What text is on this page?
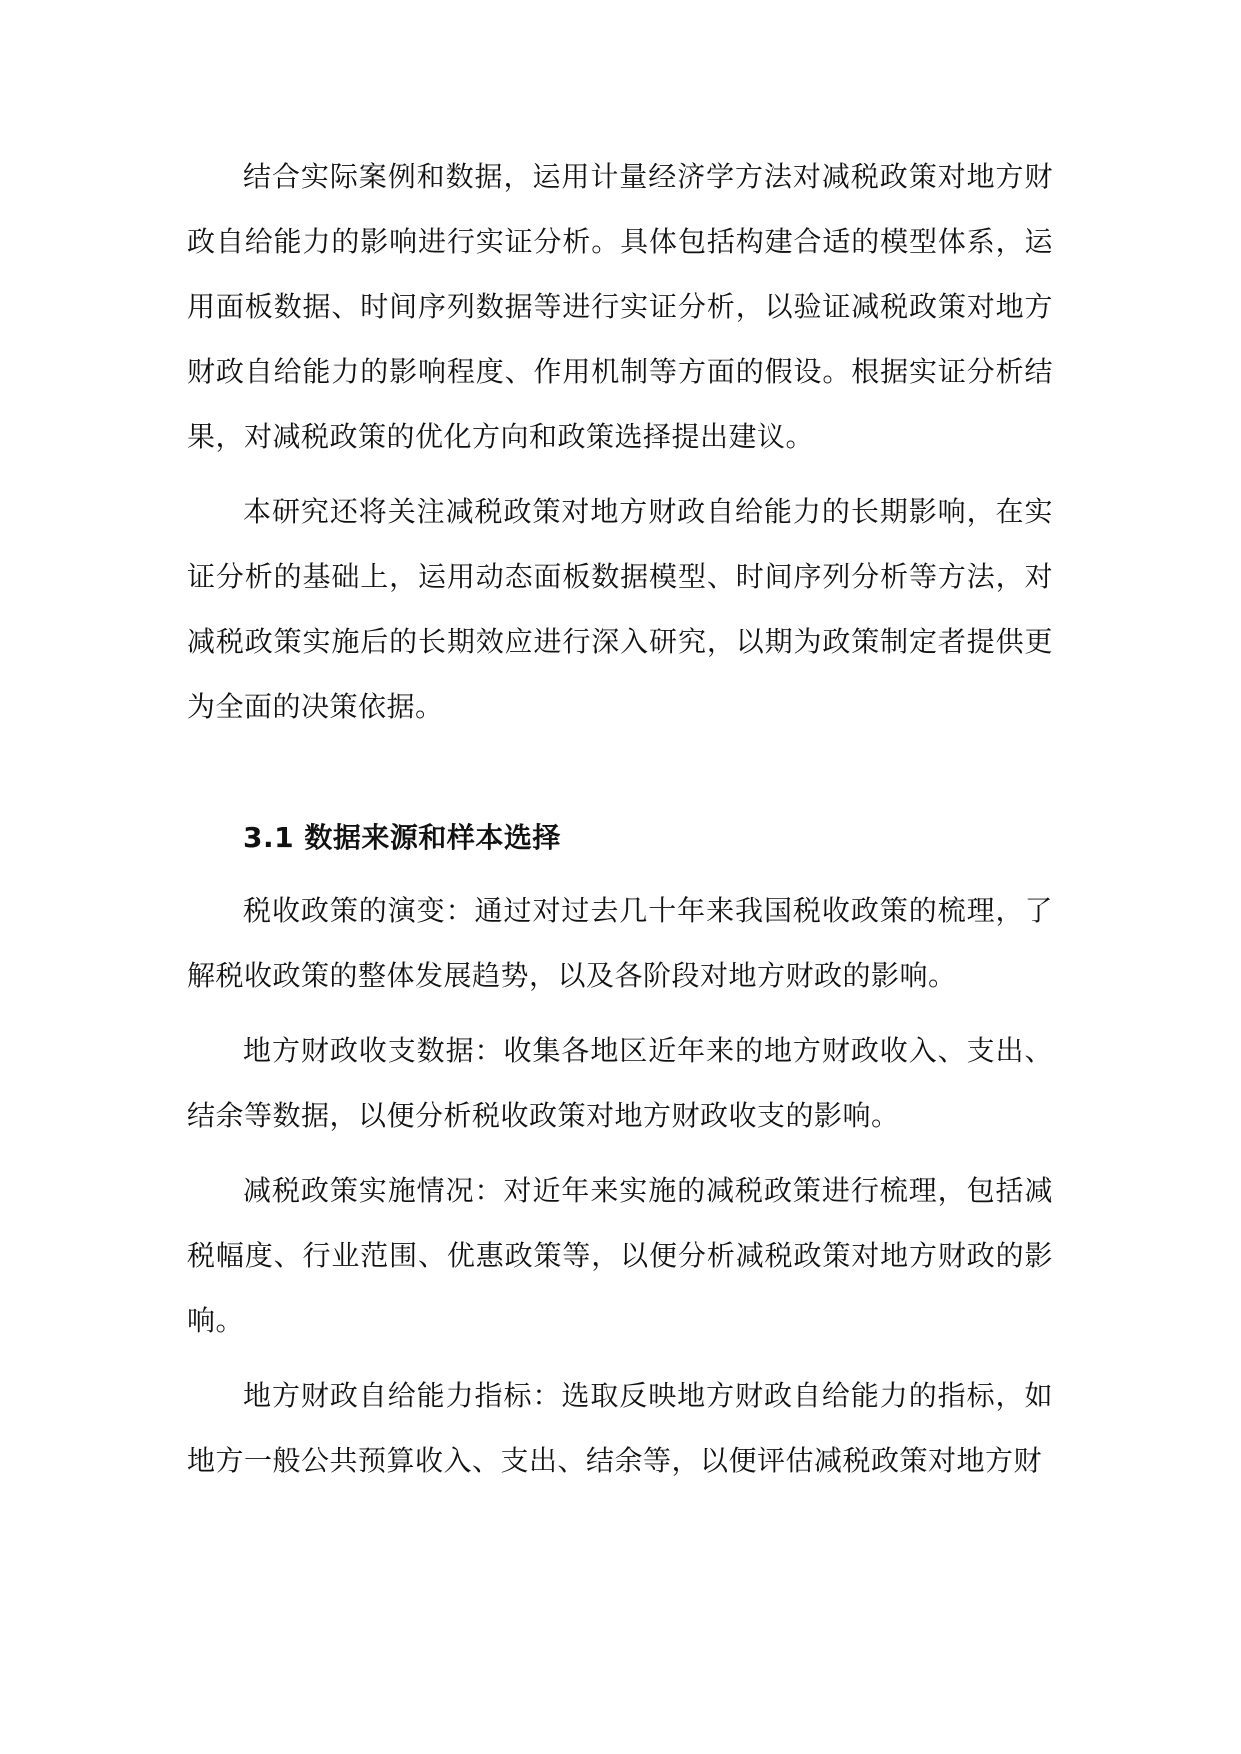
结合实际案例和数据，运用计量经济学方法对减税政策对地方财政自给能力的影响进行实证分析。具体包括构建合适的模型体系，运用面板数据、时间序列数据等进行实证分析，以验证减税政策对地方财政自给能力的影响程度、作用机制等方面的假设。根据实证分析结果，对减税政策的优化方向和政策选择提出建议。

本研究还将关注减税政策对地方财政自给能力的长期影响，在实证分析的基础上，运用动态面板数据模型、时间序列分析等方法，对减税政策实施后的长期效应进行深入研究，以期为政策制定者提供更为全面的决策依据。

3.1 数据来源和样本选择

税收政策的演变：通过对过去几十年来我国税收政策的梳理，了解税收政策的整体发展趋势，以及各阶段对地方财政的影响。

地方财政收支数据：收集各地区近年来的地方财政收入、支出、结余等数据，以便分析税收政策对地方财政收支的影响。

减税政策实施情况：对近年来实施的减税政策进行梳理，包括减税幅度、行业范围、优惠政策等，以便分析减税政策对地方财政的影响。

地方财政自给能力指标：选取反映地方财政自给能力的指标，如地方一般公共预算收入、支出、结余等，以便评估减税政策对地方财
